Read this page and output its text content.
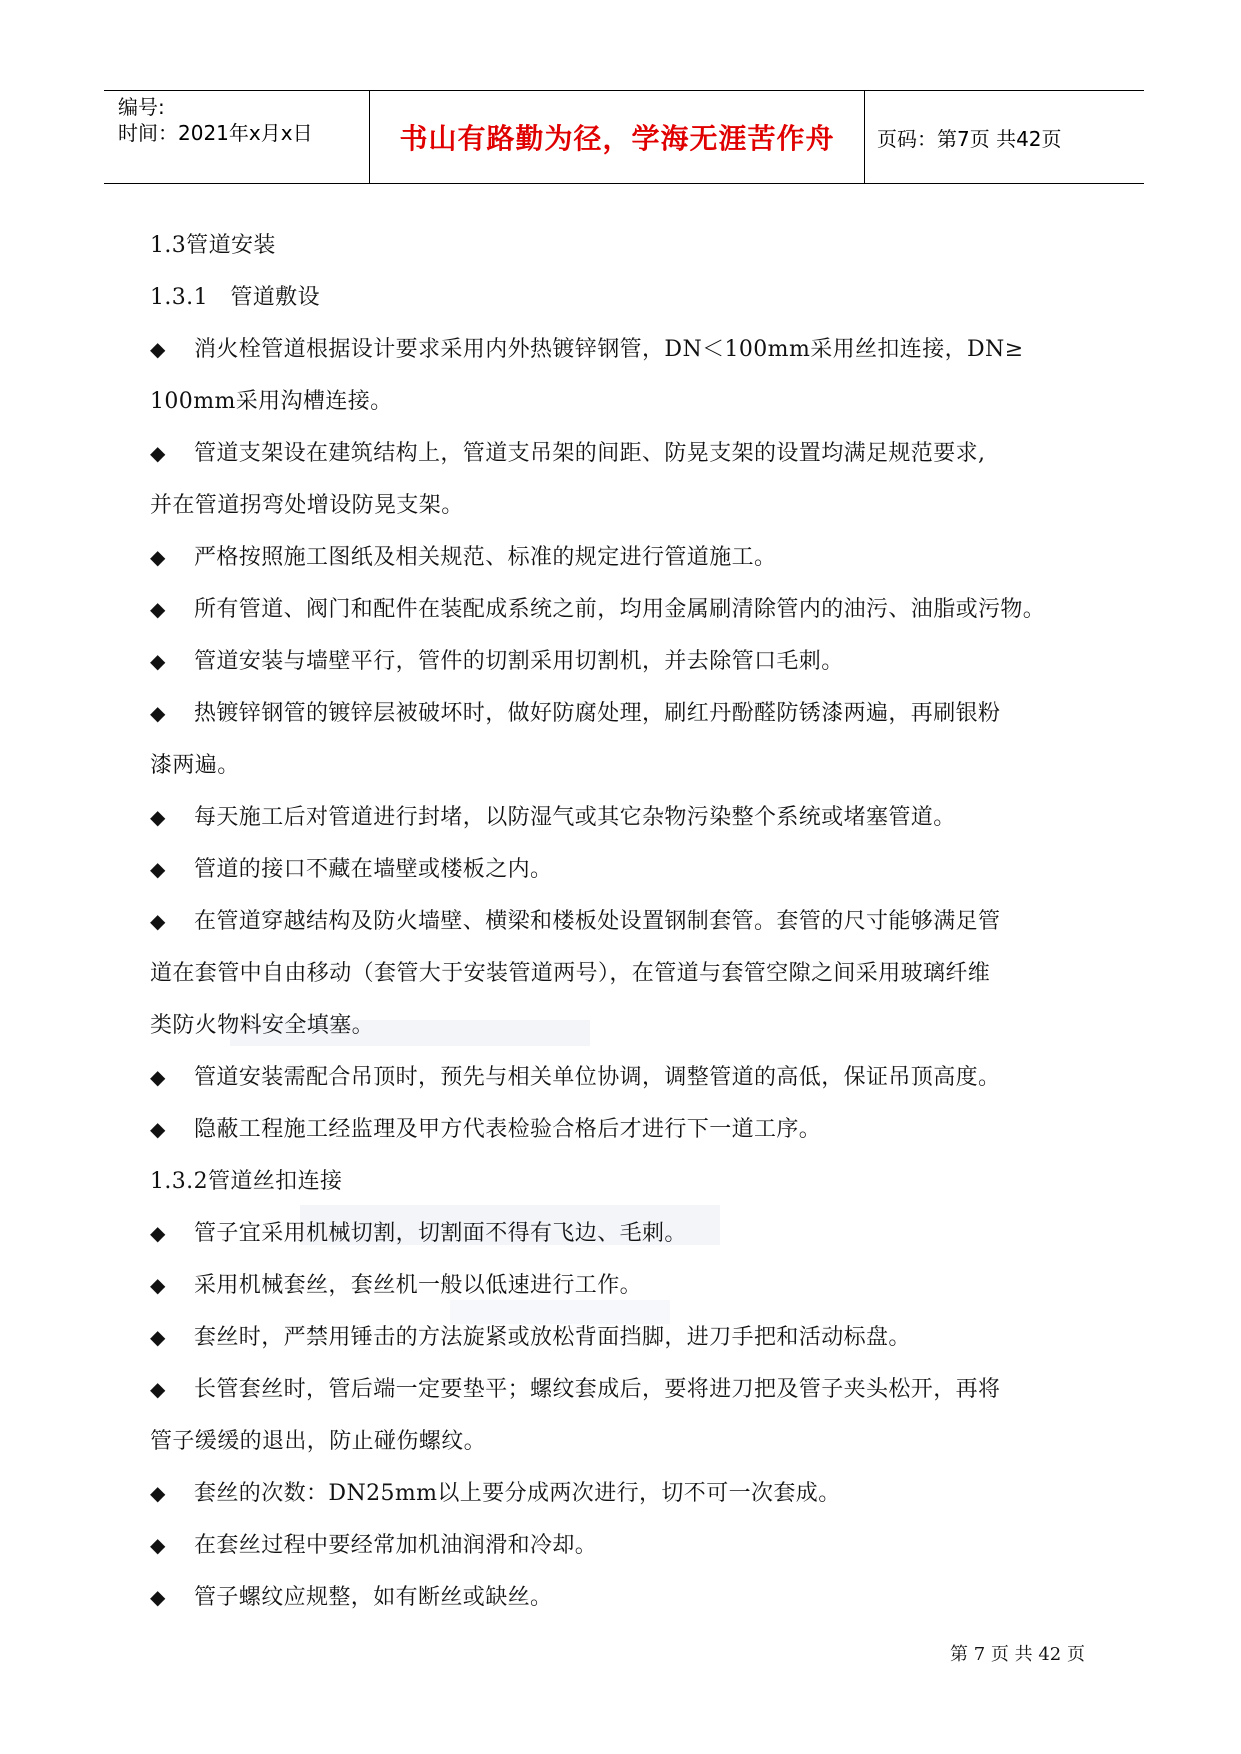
编号:
时间：2021年x月x日	书山有路勤为径，学海无涯苦作舟 页码：第7页 共42页
1.3管道安装
1.3.1　管道敷设
◆ 消火栓管道根据设计要求采用内外热镀锌钢管，DN＜100mm采用丝扣连接，DN≥
100mm采用沟槽连接。
◆ 管道支架设在建筑结构上，管道支吊架的间距、防晃支架的设置均满足规范要求,
并在管道拐弯处增设防晃支架。
◆ 严格按照施工图纸及相关规范、标准的规定进行管道施工。
◆ 所有管道、阀门和配件在装配成系统之前，均用金属刷清除管内的油污、油脂或污物。
◆ 管道安装与墙壁平行，管件的切割采用切割机，并去除管口毛刺。
◆ 热镀锌钢管的镀锌层被破坏时，做好防腐处理，刷红丹酚醛防锈漆两遍，再刷银粉
漆两遍。
◆ 每天施工后对管道进行封堵，以防湿气或其它杂物污染整个系统或堵塞管道。
◆ 管道的接口不藏在墙壁或楼板之内。
◆ 在管道穿越结构及防火墙壁、横梁和楼板处设置钢制套管。套管的尺寸能够满足管
道在套管中自由移动（套管大于安装管道两号），在管道与套管空隙之间采用玻璃纤维
类防火物料安全填塞。
◆ 管道安装需配合吊顶时，预先与相关单位协调，调整管道的高低，保证吊顶高度。
◆ 隐蔽工程施工经监理及甲方代表检验合格后才进行下一道工序。
1.3.2管道丝扣连接
◆ 管子宜采用机械切割，切割面不得有飞边、毛刺。
◆ 采用机械套丝，套丝机一般以低速进行工作。
◆ 套丝时，严禁用锤击的方法旋紧或放松背面挡脚，进刀手把和活动标盘。
◆ 长管套丝时，管后端一定要垫平；螺纹套成后，要将进刀把及管子夹头松开，再将
管子缓缓的退出，防止碰伤螺纹。
◆ 套丝的次数：DN25mm以上要分成两次进行，切不可一次套成。
◆ 在套丝过程中要经常加机油润滑和冷却。
◆ 管子螺纹应规整，如有断丝或缺丝。
第 7 页 共 42 页
